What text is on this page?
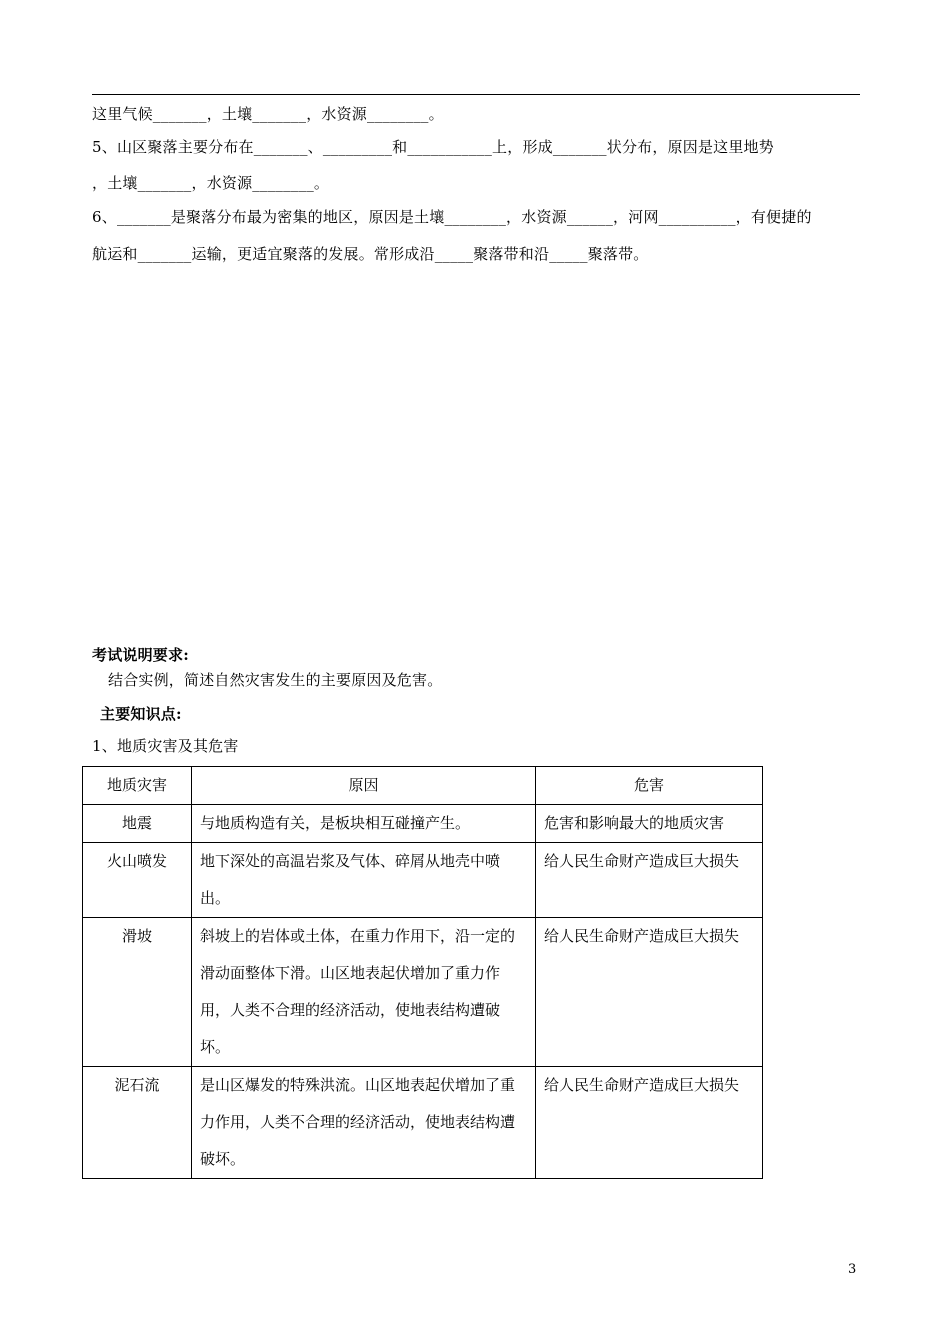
这里气候_______，土壤_______，水资源________。
5、山区聚落主要分布在_______、_________和___________上，形成_______状分布，原因是这里地势
，土壤_______，水资源________。
6、_______是聚落分布最为密集的地区，原因是土壤________，水资源______，河网__________，有便捷的
航运和_______运输，更适宜聚落的发展。常形成沿_____聚落带和沿_____聚落带。
考试说明要求:
结合实例，简述自然灾害发生的主要原因及危害。
主要知识点:
1、地质灾害及其危害
地质灾害	原因	危害
地震	与地质构造有关，是板块相互碰撞产生。	危害和影响最大的地质灾害
火山喷发	地下深处的高温岩浆及气体、碎屑从地壳中喷出。	给人民生命财产造成巨大损失
滑坡	斜坡上的岩体或土体，在重力作用下，沿一定的滑动面整体下滑。山区地表起伏增加了重力作用，人类不合理的经济活动，使地表结构遭破坏。	给人民生命财产造成巨大损失
泥石流	是山区爆发的特殊洪流。山区地表起伏增加了重力作用，人类不合理的经济活动，使地表结构遭破坏。	给人民生命财产造成巨大损失
3
